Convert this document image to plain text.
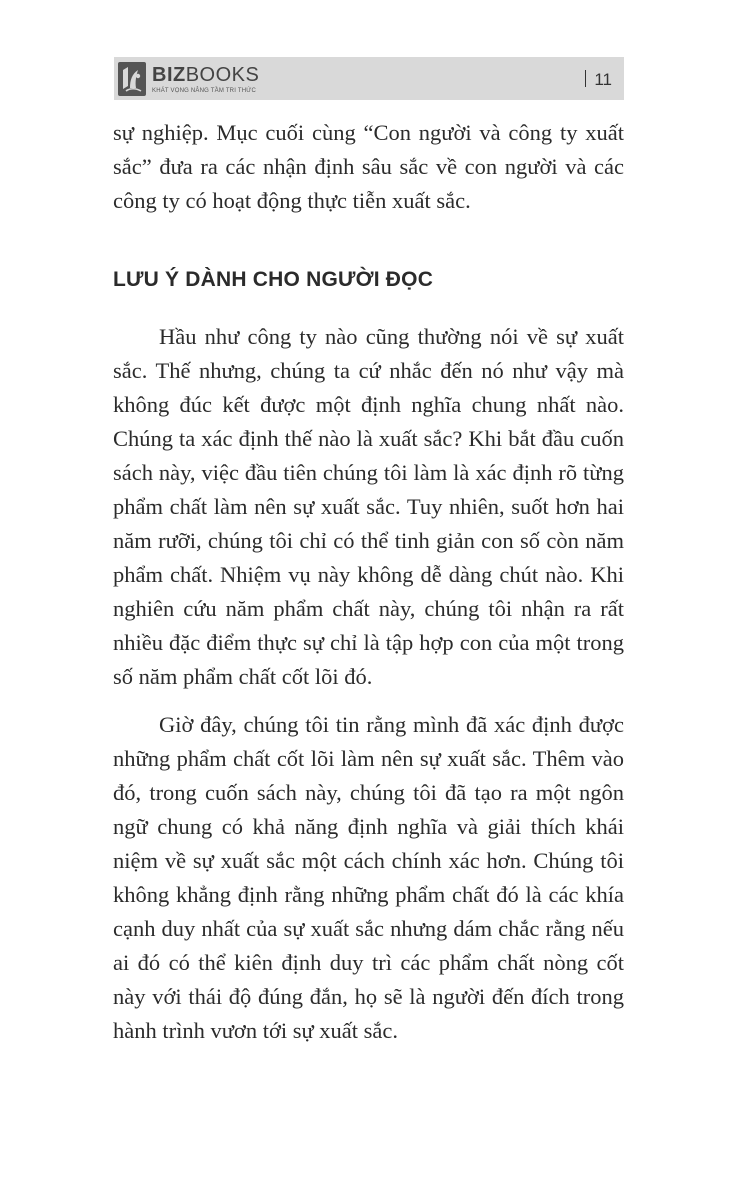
BIZBOOKS
KHÁT VỌNG NÂNG TẦM TRI THỨC
11

sự nghiệp. Mục cuối cùng “Con người và công ty xuất sắc” đưa ra các nhận định sâu sắc về con người và các công ty có hoạt động thực tiễn xuất sắc.

LƯU Ý DÀNH CHO NGƯỜI ĐỌC

Hầu như công ty nào cũng thường nói về sự xuất sắc. Thế nhưng, chúng ta cứ nhắc đến nó như vậy mà không đúc kết được một định nghĩa chung nhất nào. Chúng ta xác định thế nào là xuất sắc? Khi bắt đầu cuốn sách này, việc đầu tiên chúng tôi làm là xác định rõ từng phẩm chất làm nên sự xuất sắc. Tuy nhiên, suốt hơn hai năm rưỡi, chúng tôi chỉ có thể tinh giản con số còn năm phẩm chất. Nhiệm vụ này không dễ dàng chút nào. Khi nghiên cứu năm phẩm chất này, chúng tôi nhận ra rất nhiều đặc điểm thực sự chỉ là tập hợp con của một trong số năm phẩm chất cốt lõi đó.

Giờ đây, chúng tôi tin rằng mình đã xác định được những phẩm chất cốt lõi làm nên sự xuất sắc. Thêm vào đó, trong cuốn sách này, chúng tôi đã tạo ra một ngôn ngữ chung có khả năng định nghĩa và giải thích khái niệm về sự xuất sắc một cách chính xác hơn. Chúng tôi không khẳng định rằng những phẩm chất đó là các khía cạnh duy nhất của sự xuất sắc nhưng dám chắc rằng nếu ai đó có thể kiên định duy trì các phẩm chất nòng cốt này với thái độ đúng đắn, họ sẽ là người đến đích trong hành trình vươn tới sự xuất sắc.
